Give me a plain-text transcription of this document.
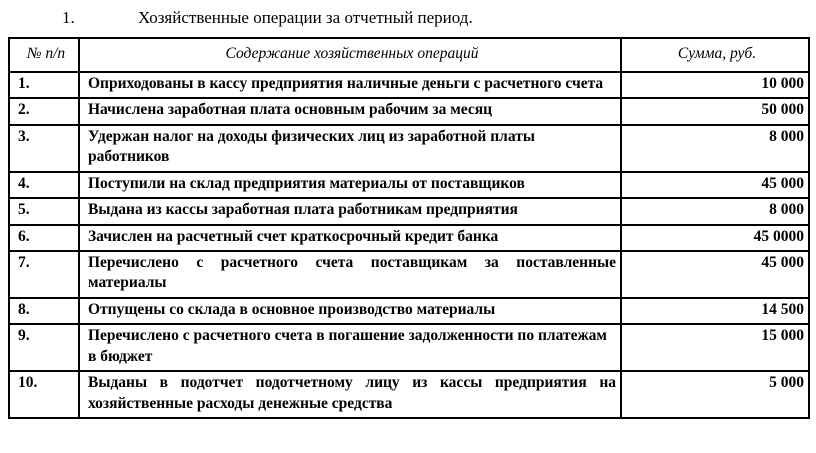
1.	Хозяйственные операции за отчетный период.
№ п/п	Содержание хозяйственных операций	Сумма, руб.
1.	Оприходованы в кассу предприятия наличные деньги с расчетного счета	10 000
2.	Начислена заработная плата основным рабочим за месяц	50 000
3.	Удержан налог на доходы физических лиц из заработной платы работников	8 000
4.	Поступили на склад предприятия материалы от поставщиков	45 000
5.	Выдана из кассы заработная плата работникам предприятия	8 000
6.	Зачислен на расчетный счет краткосрочный кредит банка	45 0000
7.	Перечислено с расчетного счета поставщикам за поставленные материалы	45 000
8.	Отпущены со склада в основное производство материалы	14 500
9.	Перечислено с расчетного счета в погашение задолженности по платежам в бюджет	15 000
10.	Выданы в подотчет подотчетному лицу из кассы предприятия на хозяйственные расходы денежные средства	5 000
